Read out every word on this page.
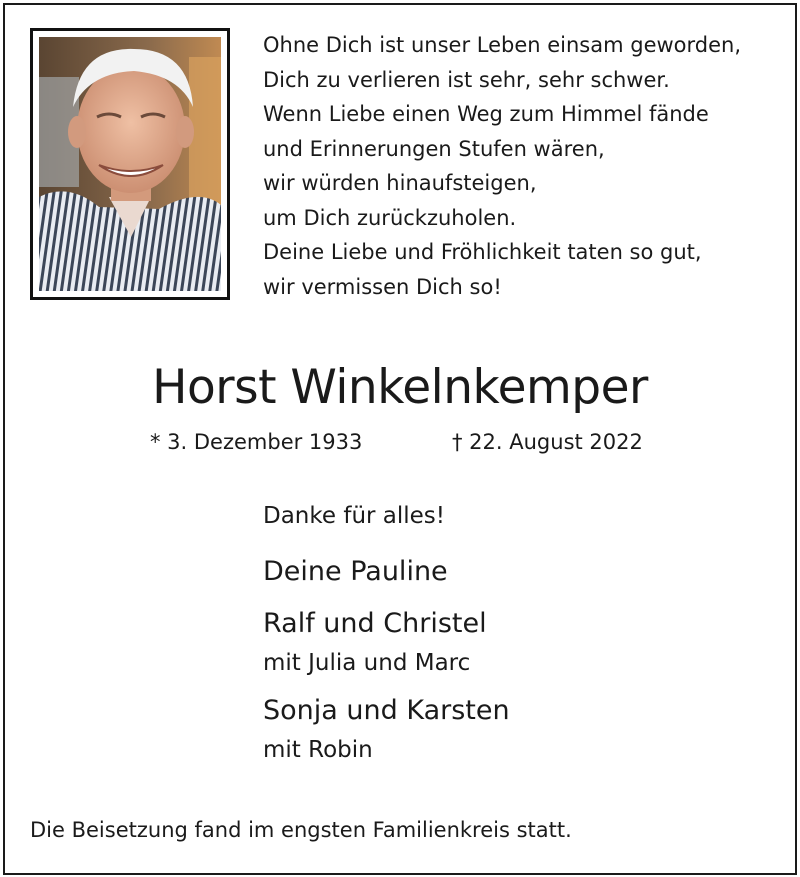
Ohne Dich ist unser Leben einsam geworden,
Dich zu verlieren ist sehr, sehr schwer.
Wenn Liebe einen Weg zum Himmel fände
und Erinnerungen Stufen wären,
wir würden hinaufsteigen,
um Dich zurückzuholen.
Deine Liebe und Fröhlichkeit taten so gut,
wir vermissen Dich so!
Horst Winkelnkemper
* 3. Dezember 1933	† 22. August 2022
Danke für alles!
Deine Pauline
Ralf und Christel
mit Julia und Marc
Sonja und Karsten
mit Robin
Die Beisetzung fand im engsten Familienkreis statt.
